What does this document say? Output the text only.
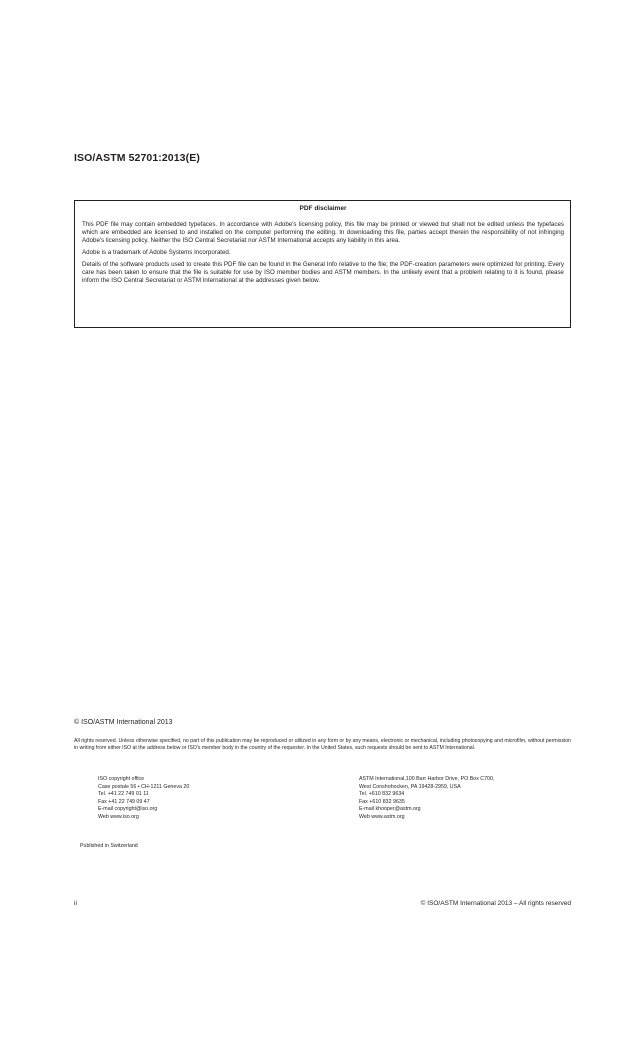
ISO/ASTM 52701:2013(E)
PDF disclaimer

This PDF file may contain embedded typefaces. In accordance with Adobe's licensing policy, this file may be printed or viewed but shall not be edited unless the typefaces which are embedded are licensed to and installed on the computer performing the editing. In downloading this file, parties accept therein the responsibility of not infringing Adobe's licensing policy. Neither the ISO Central Secretariat nor ASTM International accepts any liability in this area.

Adobe is a trademark of Adobe Systems Incorporated.

Details of the software products used to create this PDF file can be found in the General Info relative to the file; the PDF-creation parameters were optimized for printing. Every care has been taken to ensure that the file is suitable for use by ISO member bodies and ASTM members. In the unlikely event that a problem relating to it is found, please inform the ISO Central Secretariat or ASTM International at the addresses given below.

© ISO/ASTM International 2013
All rights reserved. Unless otherwise specified, no part of this publication may be reproduced or utilized in any form or by any means, electronic or mechanical, including photocopying and microfilm, without permission in writing from either ISO at the address below or ISO's member body in the country of the requester. In the United States, such requests should be sent to ASTM International.
ISO copyright office
Case postale 56 • CH-1211 Geneva 20
Tel. +41 22 749 01 11
Fax +41 22 749 09 47
E-mail copyright@iso.org
Web www.iso.org
ASTM International,100 Barr Harbor Drive, PO Box C700,
West Conshohocken, PA 19428-2959, USA
Tel. +610 832 9634
Fax +610 832 9635
E-mail khooper@astm.org
Web www.astm.org
Published in Switzerland
ii	© ISO/ASTM International 2013 – All rights reserved
